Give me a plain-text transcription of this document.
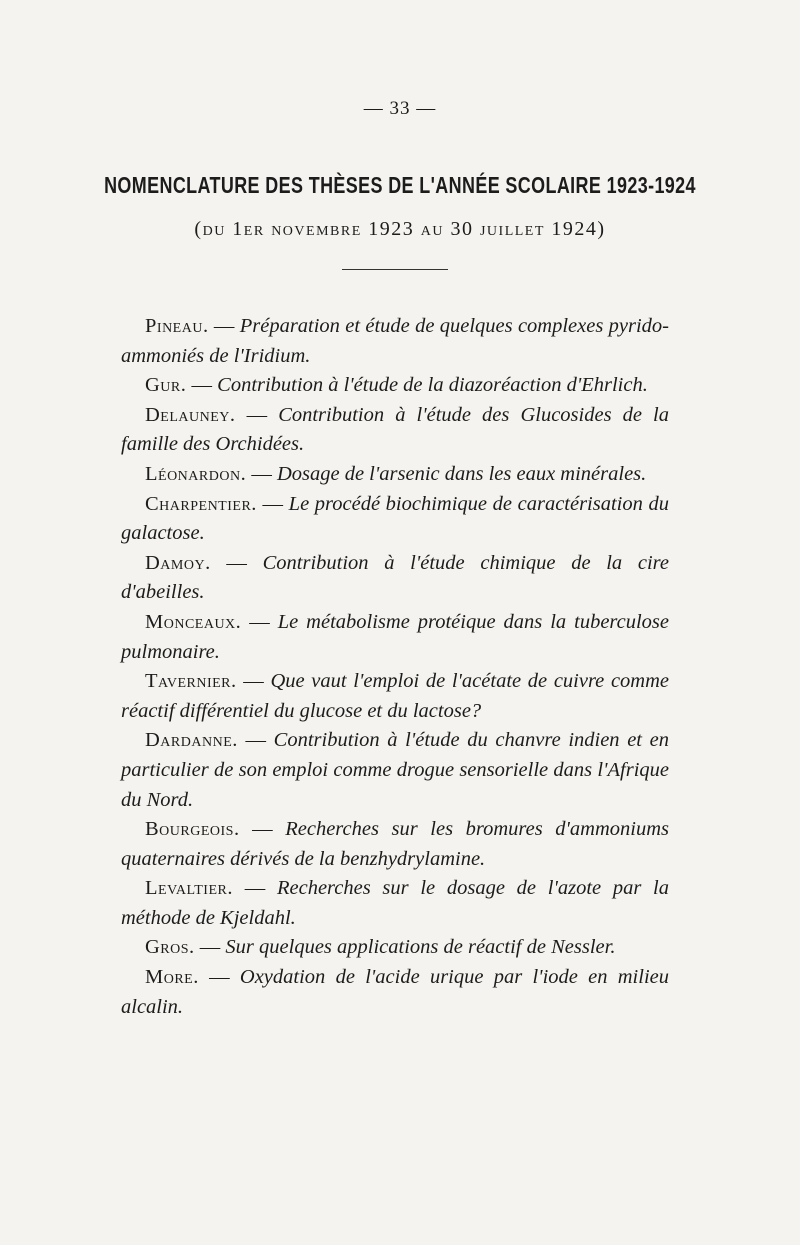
— 33 —
NOMENCLATURE DES THÈSES DE L'ANNÉE SCOLAIRE 1923-1924
(du 1er novembre 1923 au 30 juillet 1924)

Pineau. — Préparation et étude de quelques complexes pyrido-ammoniés de l'Iridium.

Gur. — Contribution à l'étude de la diazoréaction d'Ehrlich.

Delauney. — Contribution à l'étude des Glucosides de la famille des Orchidées.

Léonardon. — Dosage de l'arsenic dans les eaux minérales.

Charpentier. — Le procédé biochimique de caractérisation du galactose.

Damoy. — Contribution à l'étude chimique de la cire d'abeilles.

Monceaux. — Le métabolisme protéique dans la tuberculose pulmonaire.

Tavernier. — Que vaut l'emploi de l'acétate de cuivre comme réactif différentiel du glucose et du lactose?

Dardanne. — Contribution à l'étude du chanvre indien et en particulier de son emploi comme drogue sensorielle dans l'Afrique du Nord.

Bourgeois. — Recherches sur les bromures d'ammoniums quaternaires dérivés de la benzhydrylamine.

Levaltier. — Recherches sur le dosage de l'azote par la méthode de Kjeldahl.

Gros. — Sur quelques applications de réactif de Nessler.

More. — Oxydation de l'acide urique par l'iode en milieu alcalin.
